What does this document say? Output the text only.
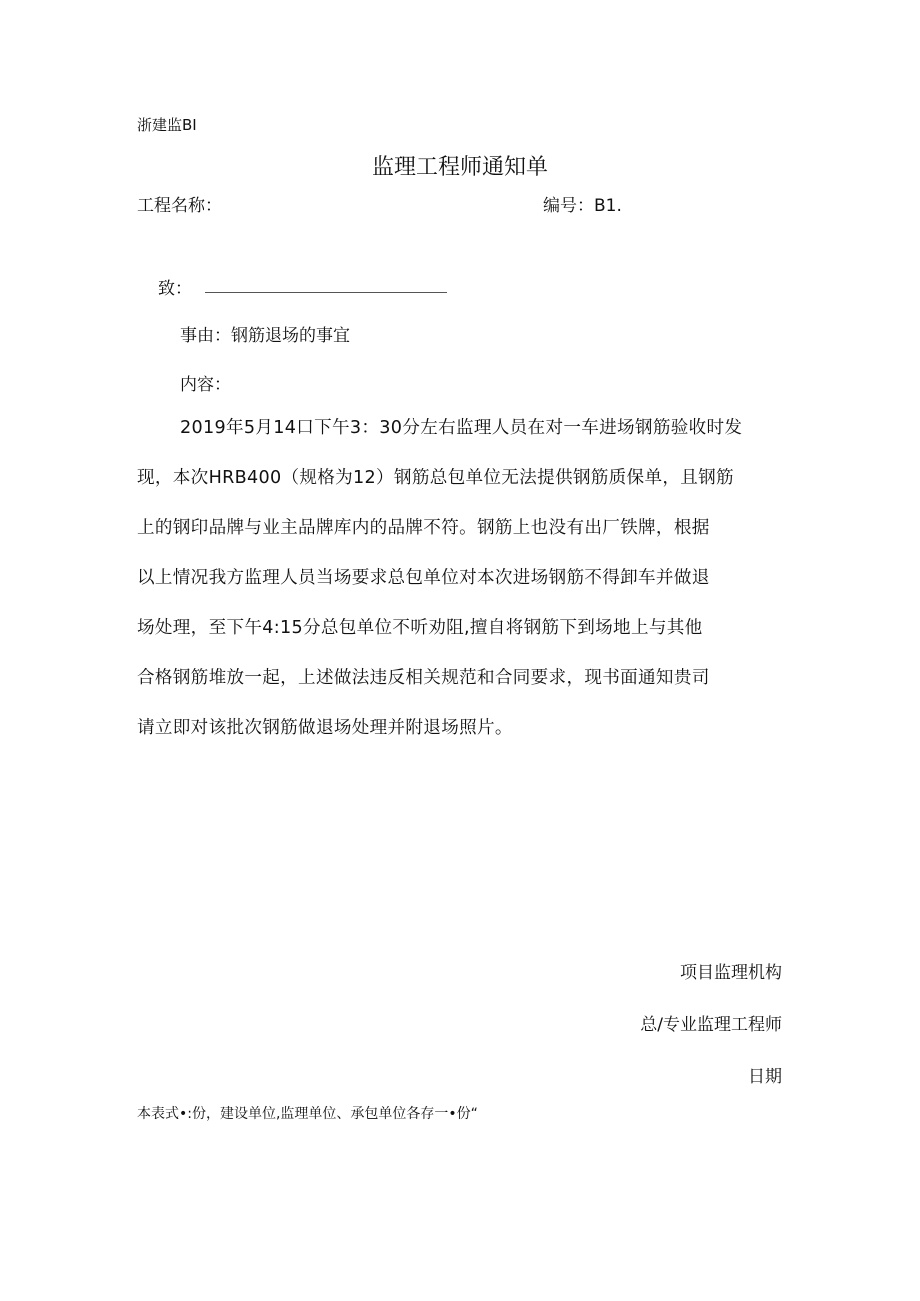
浙建监BI
监理工程师通知单
工程名称：	编号：B1.
致：
事由：钢筋退场的事宜
内容：
2019年5月14口下午3：30分左右监理人员在对一车进场钢筋验收时发
现，本次HRB400（规格为12）钢筋总包单位无法提供钢筋质保单，且钢筋
上的钢印品牌与业主品牌库内的品牌不符。钢筋上也没有出厂铁牌，根据
以上情况我方监理人员当场要求总包单位对本次进场钢筋不得卸车并做退
场处理，至下午4:15分总包单位不听劝阻,擅自将钢筋下到场地上与其他
合格钢筋堆放一起，上述做法违反相关规范和合同要求，现书面通知贵司
请立即对该批次钢筋做退场处理并附退场照片。
项目监理机构
总/专业监理工程师
日期
本表式•:份，建设单位,监理单位、承包单位各存一•份“
